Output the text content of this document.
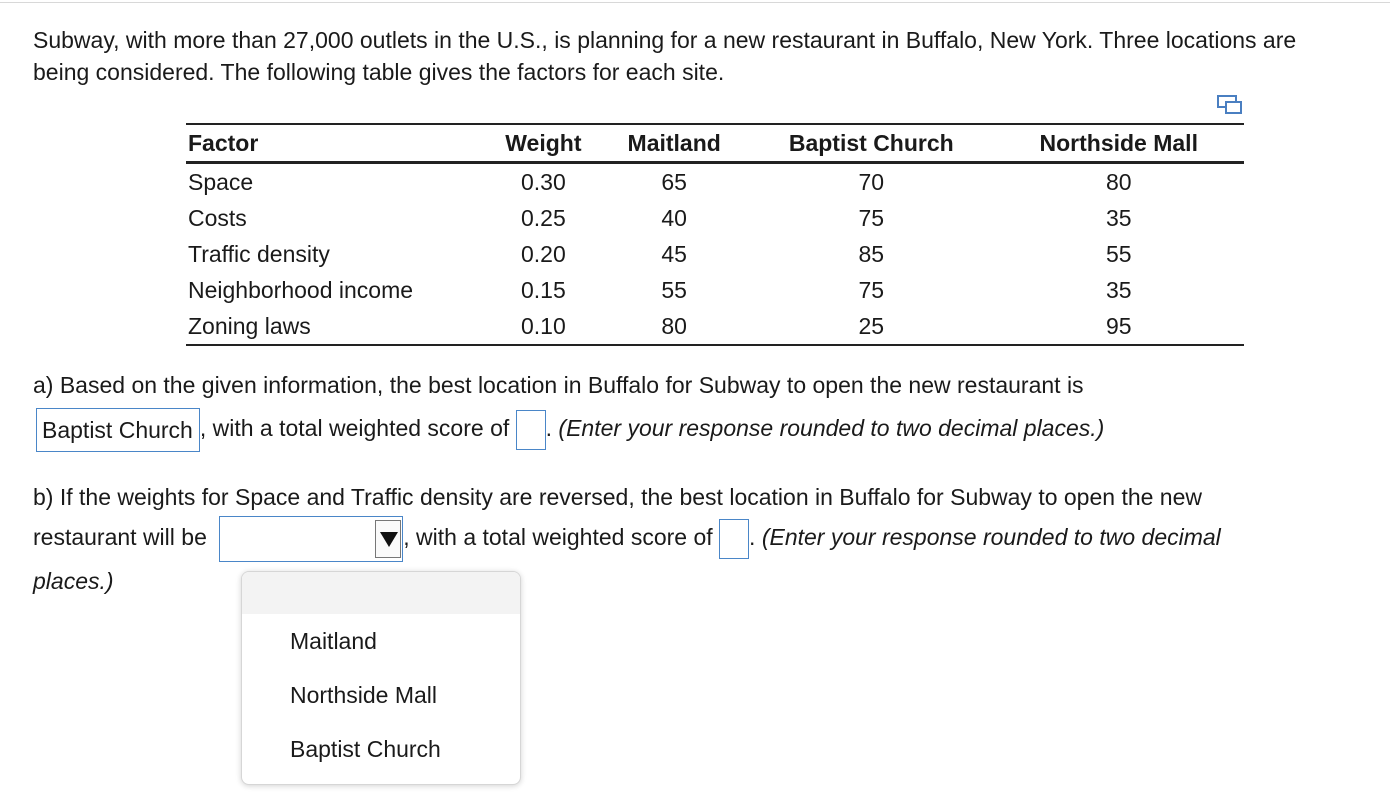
Subway, with more than 27,000 outlets in the U.S., is planning for a new restaurant in Buffalo, New York. Three locations are being considered. The following table gives the factors for each site.
Factor	Weight	Maitland	Baptist Church	Northside Mall
Space	0.30	65	70	80
Costs	0.25	40	75	35
Traffic density	0.20	45	85	55
Neighborhood income	0.15	55	75	35
Zoning laws	0.10	80	25	95
a) Based on the given information, the best location in Buffalo for Subway to open the new restaurant is
Baptist Church , with a total weighted score of . (Enter your response rounded to two decimal places.)
b) If the weights for Space and Traffic density are reversed, the best location in Buffalo for Subway to open the new
restaurant will be	, with a total weighted score of . (Enter your response rounded to two decimal
places.)
Maitland
Northside Mall
Baptist Church
